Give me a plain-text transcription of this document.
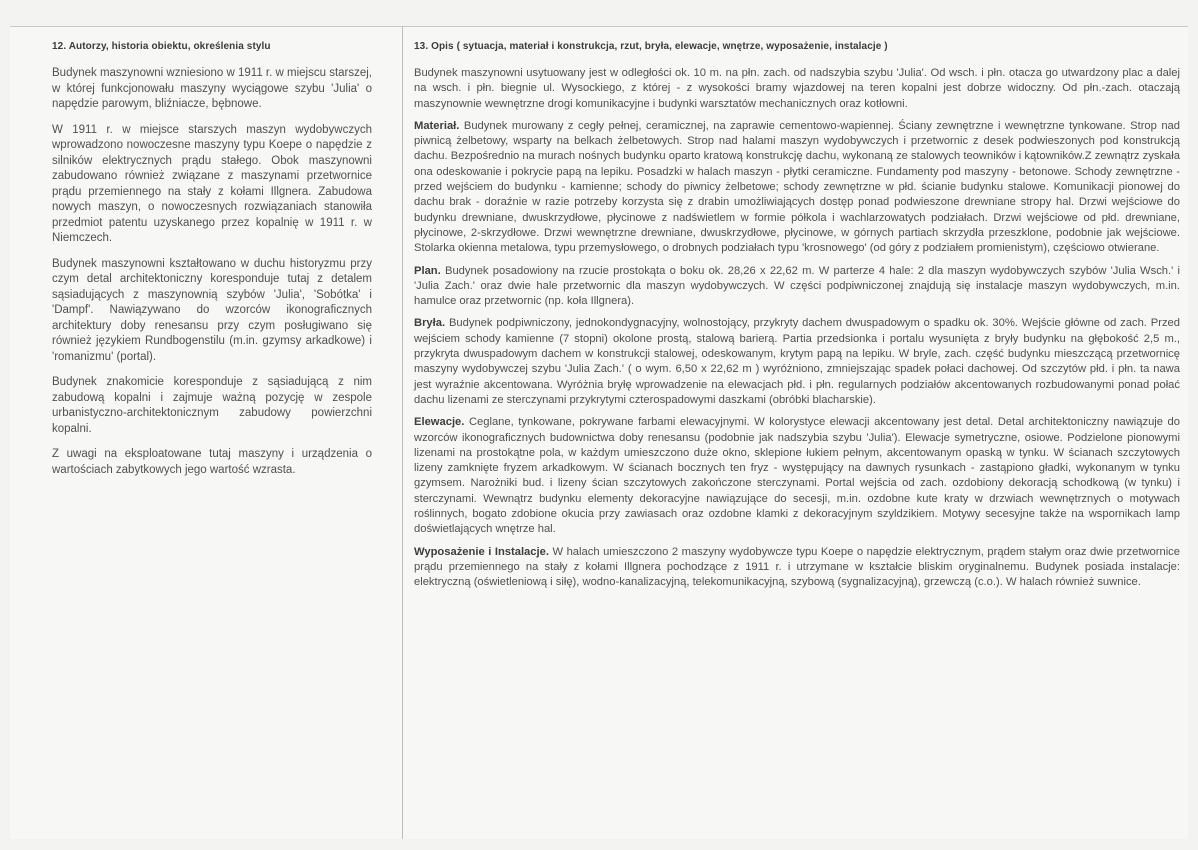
12. Autorzy, historia obiektu, określenia stylu

Budynek maszynowni wzniesiono w 1911 r. w miejscu starszej, w której funkcjonowału maszyny wyciągowe szybu 'Julia' o napędzie parowym, bliźniacze, bębnowe.

W 1911 r. w miejsce starszych maszyn wydobywczych wprowadzono nowoczesne maszyny typu Koepe o napędzie z silników elektrycznych prądu stałego. Obok maszynowni zabudowano również związane z maszynami przetwornice prądu przemiennego na stały z kołami Illgnera. Zabudowa nowych maszyn, o nowoczesnych rozwiązaniach stanowiła przedmiot patentu uzyskanego przez kopalnię w 1911 r. w Niemczech.

Budynek maszynowni kształtowano w duchu historyzmu przy czym detal architektoniczny koresponduje tutaj z detalem sąsiadujących z maszynownią szybów 'Julia', 'Sobótka' i 'Dampf'. Nawiązywano do wzorców ikonograficznych architektury doby renesansu przy czym posługiwano się również językiem Rundbogenstilu (m.in. gzymsy arkadkowe) i 'romanizmu' (portal).

Budynek znakomicie koresponduje z sąsiadującą z nim zabudową kopalni i zajmuje ważną pozycję w zespole urbanistyczno-architektonicznym zabudowy powierzchni kopalni.

Z uwagi na eksploatowane tutaj maszyny i urządzenia o wartościach zabytkowych jego wartość wzrasta.

13. Opis ( sytuacja, materiał i konstrukcja, rzut, bryła, elewacje, wnętrze, wyposażenie, instalacje )

Budynek maszynowni usytuowany jest w odległości ok. 10 m. na płn. zach. od nadszybia szybu 'Julia'. Od wsch. i płn. otacza go utwardzony plac a dalej na wsch. i płn. biegnie ul. Wysockiego, z której - z wysokości bramy wjazdowej na teren kopalni jest dobrze widoczny. Od płn.-zach. otaczają maszynownie wewnętrzne drogi komunikacyjne i budynki warsztatów mechanicznych oraz kotłowni.

Materiał. Budynek murowany z cegły pełnej, ceramicznej, na zaprawie cementowo-wapiennej. Ściany zewnętrzne i wewnętrzne tynkowane. Strop nad piwnicą żelbetowy, wsparty na belkach żelbetowych. Strop nad halami maszyn wydobywczych i przetwornic z desek podwieszonych pod konstrukcją dachu. Bezpośrednio na murach nośnych budynku oparto kratową konstrukcję dachu, wykonaną ze stalowych teowników i kątowników.Z zewnątrz zyskała ona odeskowanie i pokrycie papą na lepiku. Posadzki w halach maszyn - płytki ceramiczne. Fundamenty pod maszyny - betonowe. Schody zewnętrzne - przed wejściem do budynku - kamienne; schody do piwnicy żelbetowe; schody zewnętrzne w płd. ścianie budynku stalowe. Komunikacji pionowej do dachu brak - doraźnie w razie potrzeby korzysta się z drabin umożliwiających dostęp ponad podwieszone drewniane stropy hal. Drzwi wejściowe do budynku drewniane, dwuskrzydłowe, płycinowe z nadświetlem w formie półkola i wachlarzowatych podziałach. Drzwi wejściowe od płd. drewniane, płycinowe, 2-skrzydłowe. Drzwi wewnętrzne drewniane, dwuskrzydłowe, płycinowe, w górnych partiach skrzydła przeszklone, podobnie jak wejściowe. Stolarka okienna metalowa, typu przemysłowego, o drobnych podziałach typu 'krosnowego' (od góry z podziałem promienistym), częściowo otwierane.

Plan. Budynek posadowiony na rzucie prostokąta o boku ok. 28,26 x 22,62 m. W parterze 4 hale: 2 dla maszyn wydobywczych szybów 'Julia Wsch.' i 'Julia Zach.' oraz dwie hale przetwornic dla maszyn wydobywczych. W części podpiwniczonej znajdują się instalacje maszyn wydobywczych, m.in. hamulce oraz przetwornic (np. koła Illgnera).

Bryła. Budynek podpiwniczony, jednokondygnacyjny, wolnostojący, przykryty dachem dwuspadowym o spadku ok. 30%. Wejście główne od zach. Przed wejściem schody kamienne (7 stopni) okolone prostą, stalową barierą. Partia przedsionka i portalu wysunięta z bryły budynku na głębokość 2,5 m., przykryta dwuspadowym dachem w konstrukcji stalowej, odeskowanym, krytym papą na lepiku. W bryle, zach. część budynku mieszczącą przetwornicę maszyny wydobywczej szybu 'Julia Zach.' ( o wym. 6,50 x 22,62 m ) wyróżniono, zmniejszając spadek połaci dachowej. Od szczytów płd. i płn. ta nawa jest wyraźnie akcentowana. Wyróżnia bryłę wprowadzenie na elewacjach płd. i płn. regularnych podziałów akcentowanych rozbudowanymi ponad połać dachu lizenami ze sterczynami przykrytymi czterospadowymi daszkami (obróbki blacharskie).

Elewacje. Ceglane, tynkowane, pokrywane farbami elewacyjnymi. W kolorystyce elewacji akcentowany jest detal. Detal architektoniczny nawiązuje do wzorców ikonograficznych budownictwa doby renesansu (podobnie jak nadszybia szybu 'Julia'). Elewacje symetryczne, osiowe. Podzielone pionowymi lizenami na prostokątne pola, w każdym umieszczono duże okno, sklepione łukiem pełnym, akcentowanym opaską w tynku. W ścianach szczytowych lizeny zamknięte fryzem arkadkowym. W ścianach bocznych ten fryz - występujący na dawnych rysunkach - zastąpiono gładki, wykonanym w tynku gzymsem. Narożniki bud. i lizeny ścian szczytowych zakończone sterczynami. Portal wejścia od zach. ozdobiony dekoracją schodkową (w tynku) i sterczynami. Wewnątrz budynku elementy dekoracyjne nawiązujące do secesji, m.in. ozdobne kute kraty w drzwiach wewnętrznych o motywach roślinnych, bogato zdobione okucia przy zawiasach oraz ozdobne klamki z dekoracyjnym szyldzikiem. Motywy secesyjne także na wspornikach lamp doświetlających wnętrze hal.

Wyposażenie i Instalacje. W halach umieszczono 2 maszyny wydobywcze typu Koepe o napędzie elektrycznym, prądem stałym oraz dwie przetwornice prądu przemiennego na stały z kołami Illgnera pochodzące z 1911 r. i utrzymane w kształcie bliskim oryginalnemu. Budynek posiada instalacje: elektryczną (oświetleniową i siłę), wodno-kanalizacyjną, telekomunikacyjną, szybową (sygnalizacyjną), grzewczą (c.o.). W halach również suwnice.
